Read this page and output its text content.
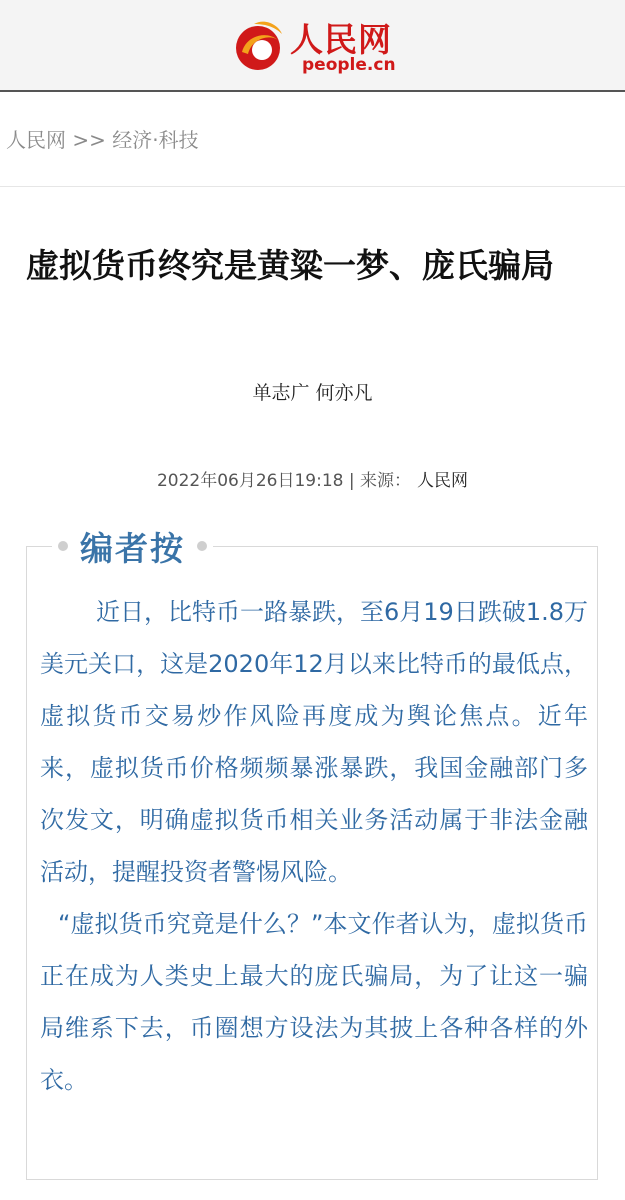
人民网
people.cn
人民网 >> 经济·科技
虚拟货币终究是黄粱一梦、庞氏骗局
单志广 何亦凡
2022年06月26日19:18 | 来源： 人民网
编者按

近日，比特币一路暴跌，至6月19日跌破1.8万美元关口，这是2020年12月以来比特币的最低点，虚拟货币交易炒作风险再度成为舆论焦点。近年来，虚拟货币价格频频暴涨暴跌，我国金融部门多次发文，明确虚拟货币相关业务活动属于非法金融活动，提醒投资者警惕风险。

“虚拟货币究竟是什么？”本文作者认为，虚拟货币正在成为人类史上最大的庞氏骗局，为了让这一骗局维系下去，币圈想方设法为其披上各种各样的外衣。
